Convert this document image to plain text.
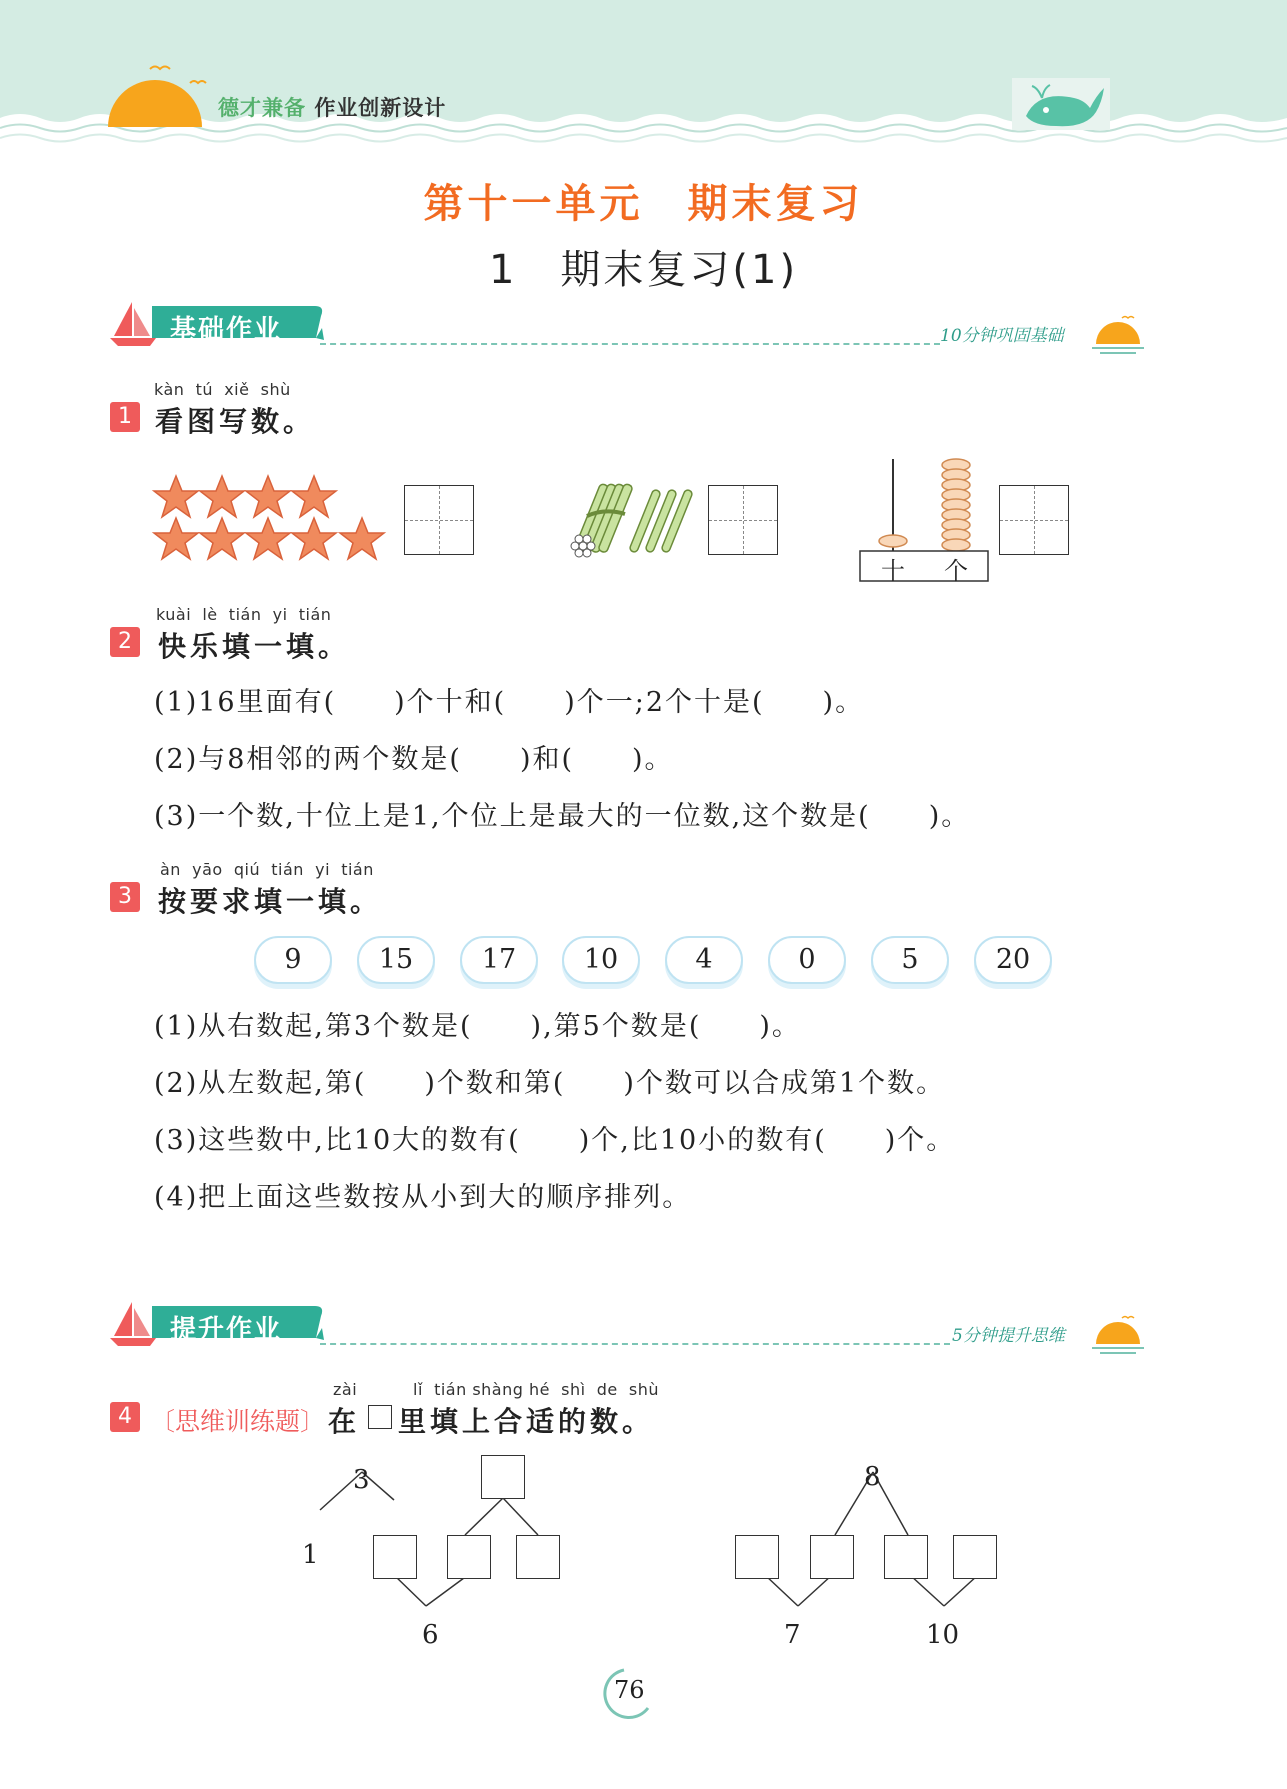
德才兼备 作业创新设计
第十一单元　期末复习
1　期末复习(1)
基础作业	10分钟巩固基础
kàn  tú  xiě  shù
1 看图写数。
十 个
kuài  lè  tián  yi  tián
2 快乐填一填。
(1)16里面有(　　)个十和(　　)个一;2个十是(　　)。
(2)与8相邻的两个数是(　　)和(　　)。
(3)一个数,十位上是1,个位上是最大的一位数,这个数是(　　)。
àn  yāo  qiú  tián  yi  tián
3 按要求填一填。
9	15	17	10	4	0	5	20
(1)从右数起,第3个数是(　　),第5个数是(　　)。
(2)从左数起,第(　　)个数和第(　　)个数可以合成第1个数。
(3)这些数中,比10大的数有(　　)个,比10小的数有(　　)个。
(4)把上面这些数按从小到大的顺序排列。
提升作业	5分钟提升思维
zài          lǐ  tián shàng hé  shì  de  shù
4 〔思维训练题〕 在 里填上合适的数。
3
1
6
8
7	10
76
